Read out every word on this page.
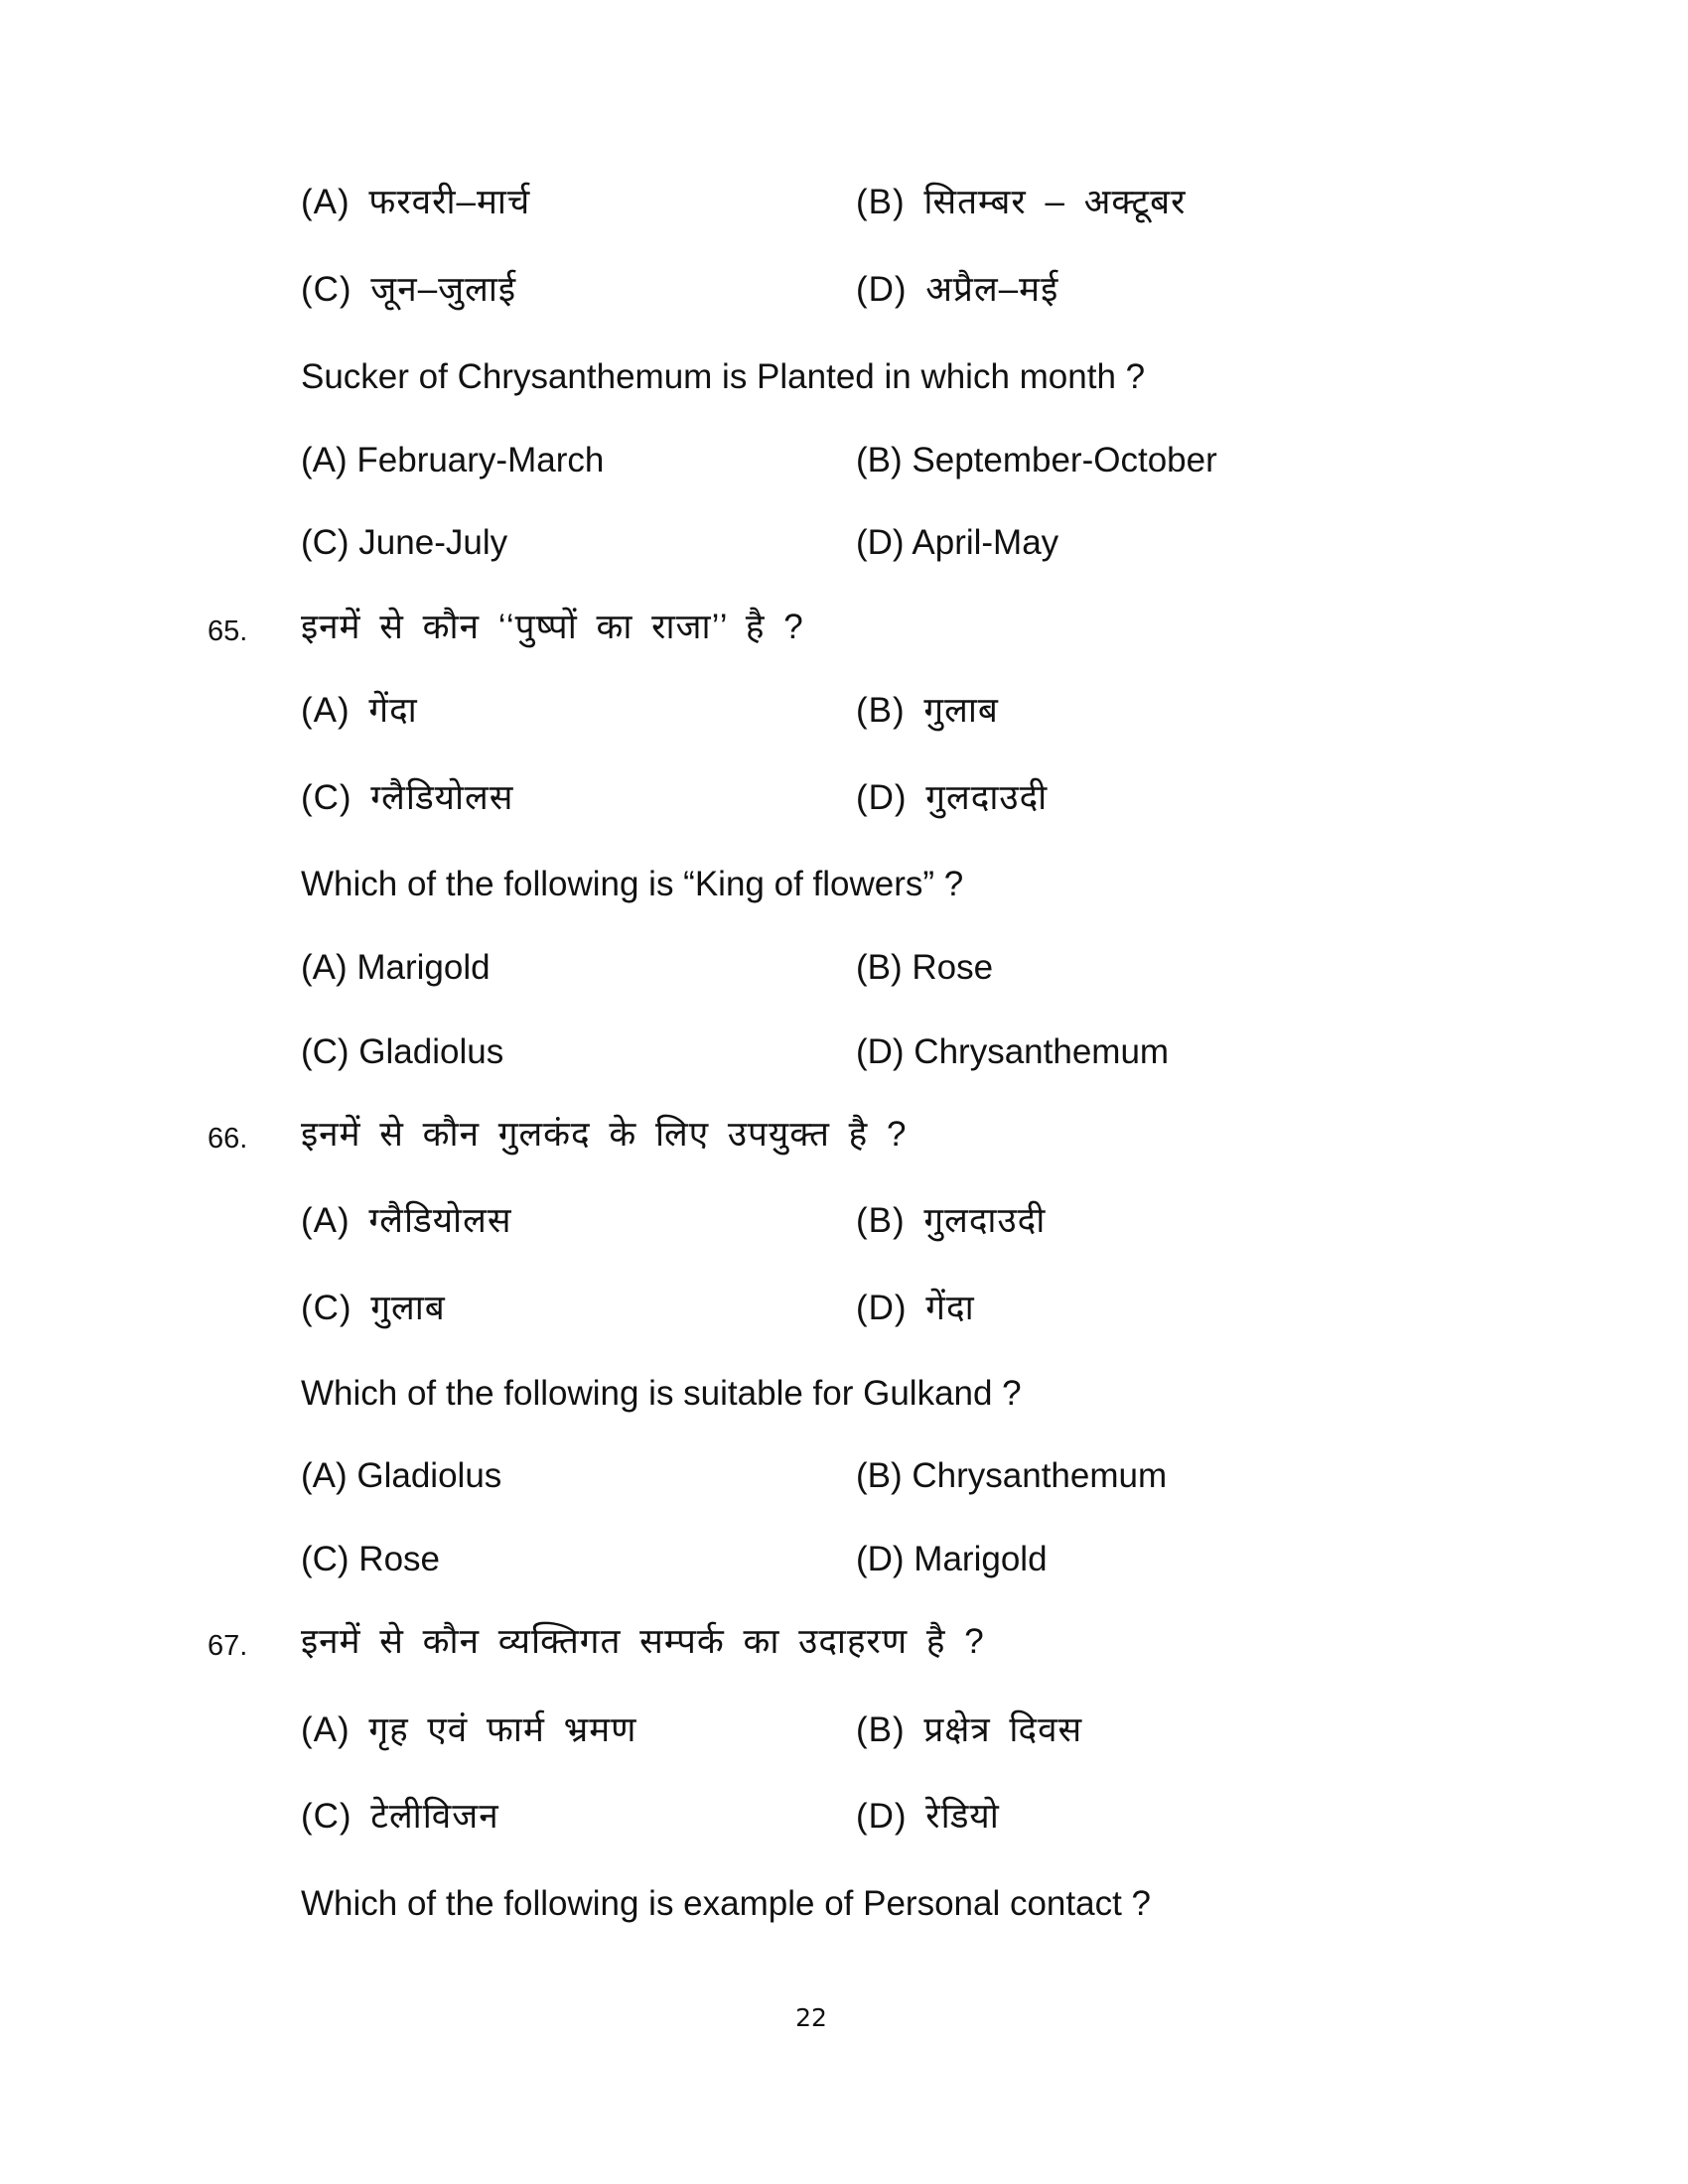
(A) फरवरी–मार्च	(B) सितम्बर – अक्टूबर
(C) जून–जुलाई	(D) अप्रैल–मई
Sucker of Chrysanthemum is Planted in which month ?
(A) February-March	(B) September-October
(C) June-July	(D) April-May
65. इनमें से कौन ‘‘पुष्पों का राजा’’ है ?
(A) गेंदा	(B) गुलाब
(C) ग्लैडियोलस	(D) गुलदाउदी
Which of the following is “King of flowers” ?
(A) Marigold	(B) Rose
(C) Gladiolus	(D) Chrysanthemum
66. इनमें से कौन गुलकंद के लिए उपयुक्त है ?
(A) ग्लैडियोलस	(B) गुलदाउदी
(C) गुलाब	(D) गेंदा
Which of the following is suitable for Gulkand ?
(A) Gladiolus	(B) Chrysanthemum
(C) Rose	(D) Marigold
67. इनमें से कौन व्यक्तिगत सम्पर्क का उदाहरण है ?
(A) गृह एवं फार्म भ्रमण	(B) प्रक्षेत्र दिवस
(C) टेलीविजन	(D) रेडियो
Which of the following is example of Personal contact ?
22
